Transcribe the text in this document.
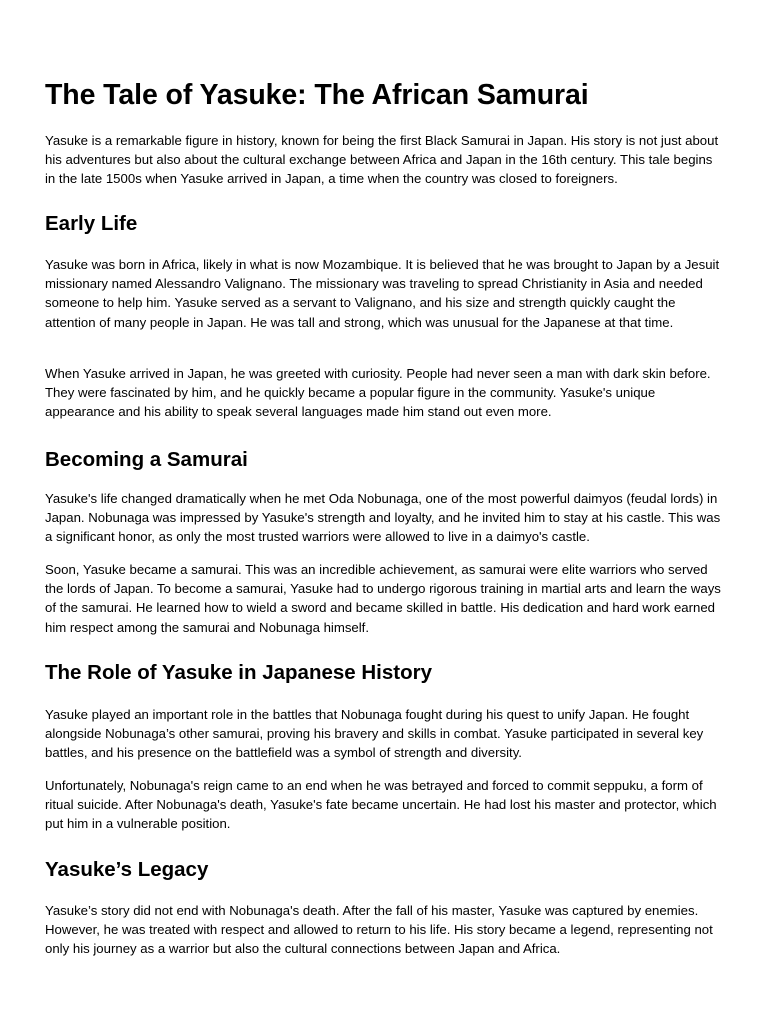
The Tale of Yasuke: The African Samurai

Yasuke is a remarkable figure in history, known for being the first Black Samurai in Japan. His story is not just about his adventures but also about the cultural exchange between Africa and Japan in the 16th century. This tale begins in the late 1500s when Yasuke arrived in Japan, a time when the country was closed to foreigners.

Early Life

Yasuke was born in Africa, likely in what is now Mozambique. It is believed that he was brought to Japan by a Jesuit missionary named Alessandro Valignano. The missionary was traveling to spread Christianity in Asia and needed someone to help him. Yasuke served as a servant to Valignano, and his size and strength quickly caught the attention of many people in Japan. He was tall and strong, which was unusual for the Japanese at that time.

When Yasuke arrived in Japan, he was greeted with curiosity. People had never seen a man with dark skin before. They were fascinated by him, and he quickly became a popular figure in the community. Yasuke's unique appearance and his ability to speak several languages made him stand out even more.

Becoming a Samurai

Yasuke's life changed dramatically when he met Oda Nobunaga, one of the most powerful daimyos (feudal lords) in Japan. Nobunaga was impressed by Yasuke's strength and loyalty, and he invited him to stay at his castle. This was a significant honor, as only the most trusted warriors were allowed to live in a daimyo's castle.

Soon, Yasuke became a samurai. This was an incredible achievement, as samurai were elite warriors who served the lords of Japan. To become a samurai, Yasuke had to undergo rigorous training in martial arts and learn the ways of the samurai. He learned how to wield a sword and became skilled in battle. His dedication and hard work earned him respect among the samurai and Nobunaga himself.

The Role of Yasuke in Japanese History

Yasuke played an important role in the battles that Nobunaga fought during his quest to unify Japan. He fought alongside Nobunaga’s other samurai, proving his bravery and skills in combat. Yasuke participated in several key battles, and his presence on the battlefield was a symbol of strength and diversity.

Unfortunately, Nobunaga's reign came to an end when he was betrayed and forced to commit seppuku, a form of ritual suicide. After Nobunaga's death, Yasuke's fate became uncertain. He had lost his master and protector, which put him in a vulnerable position.

Yasuke’s Legacy

Yasuke’s story did not end with Nobunaga's death. After the fall of his master, Yasuke was captured by enemies. However, he was treated with respect and allowed to return to his life. His story became a legend, representing not only his journey as a warrior but also the cultural connections between Japan and Africa.
